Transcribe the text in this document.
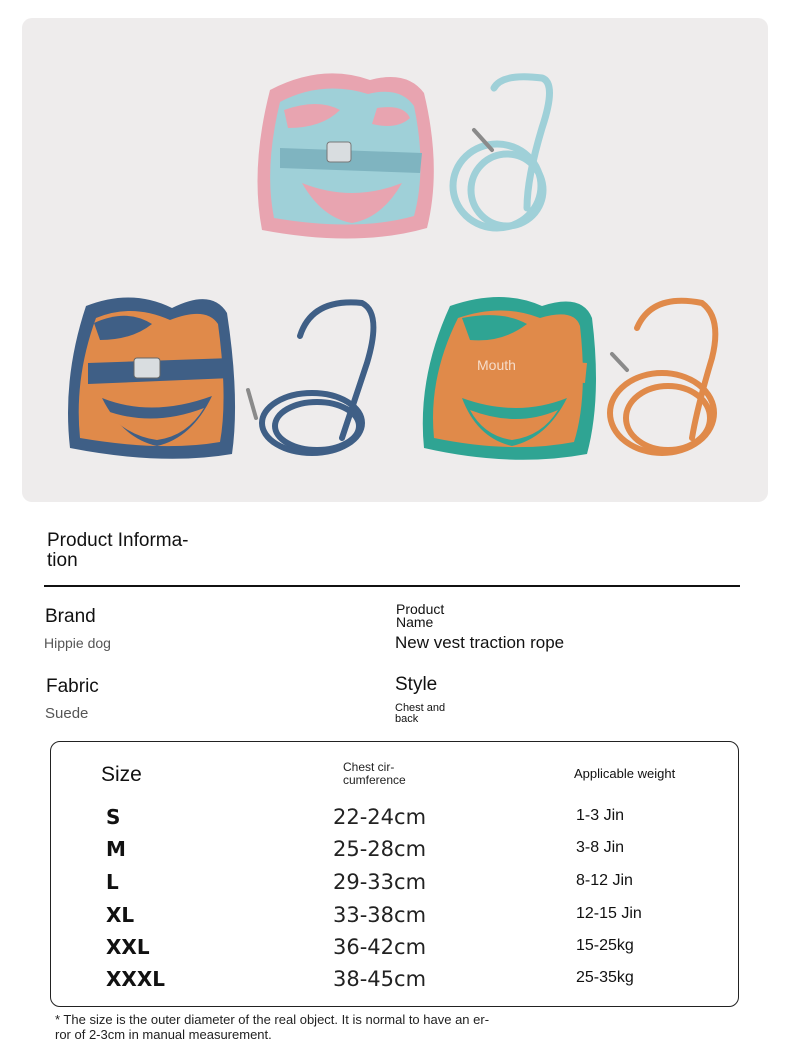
Mouth
Product Informa-
tion
Brand
Hippie dog
Product
Name
New vest traction rope
Fabric
Suede
Style
Chest and
back
Size	Chest cir-
cumference	Applicable weight
S	22-24cm	1-3 Jin
M	25-28cm	3-8 Jin
L	29-33cm	8-12 Jin
XL	33-38cm	12-15 Jin
XXL	36-42cm	15-25kg
XXXL	38-45cm	25-35kg
* The size is the outer diameter of the real object. It is normal to have an er-
ror of 2-3cm in manual measurement.
